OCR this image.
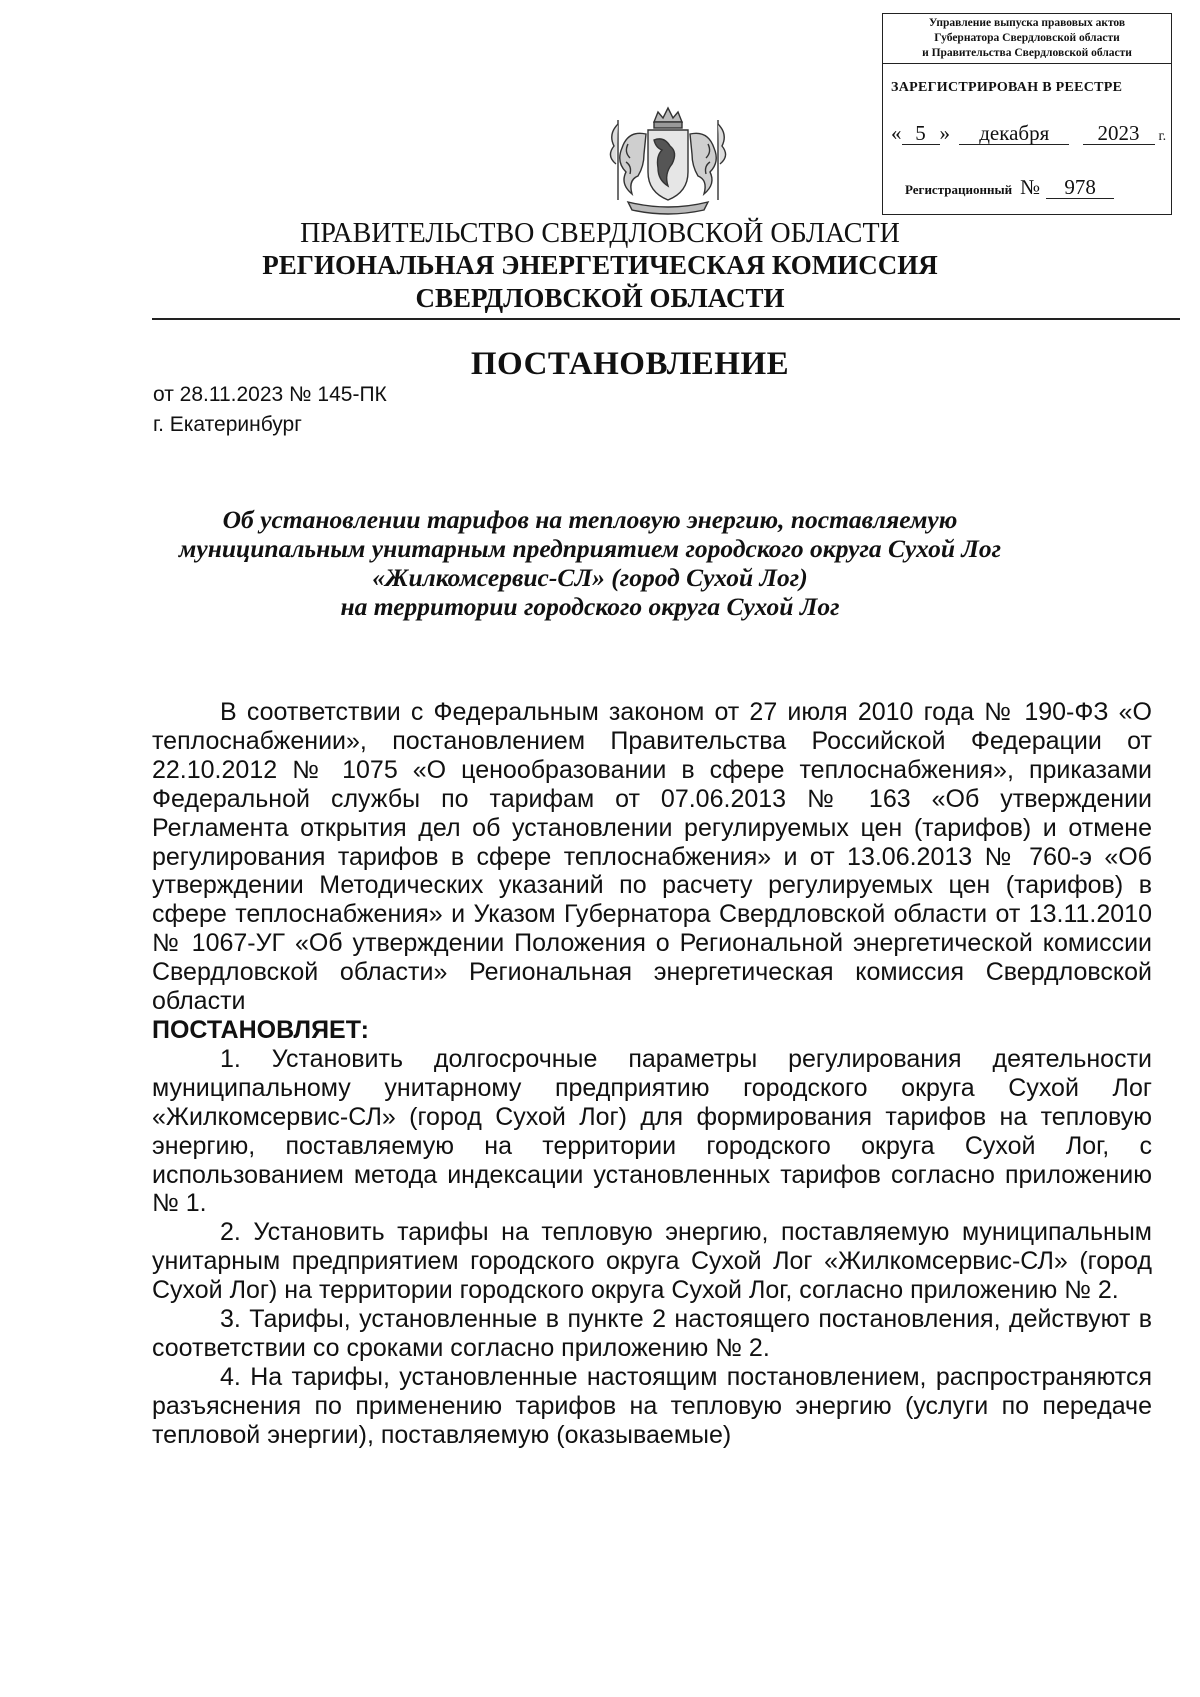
Управление выпуска правовых актов
Губернатора Свердловской области
и Правительства Свердловской области
ЗАРЕГИСТРИРОВАН В РЕЕСТРЕ
« 5 » декабря 2023 г.
Регистрационный № 978
ПРАВИТЕЛЬСТВО СВЕРДЛОВСКОЙ ОБЛАСТИ
РЕГИОНАЛЬНАЯ ЭНЕРГЕТИЧЕСКАЯ КОМИССИЯ
СВЕРДЛОВСКОЙ ОБЛАСТИ
ПОСТАНОВЛЕНИЕ
от 28.11.2023 № 145-ПК
г. Екатеринбург
Об установлении тарифов на тепловую энергию, поставляемую
муниципальным унитарным предприятием городского округа Сухой Лог
«Жилкомсервис-СЛ» (город Сухой Лог)
на территории городского округа Сухой Лог

В соответствии с Федеральным законом от 27 июля 2010 года № 190-ФЗ «О теплоснабжении», постановлением Правительства Российской Федерации от 22.10.2012 № 1075 «О ценообразовании в сфере теплоснабжения», приказами Федеральной службы по тарифам от 07.06.2013 № 163 «Об утверждении Регламента открытия дел об установлении регулируемых цен (тарифов) и отмене регулирования тарифов в сфере теплоснабжения» и от 13.06.2013 № 760-э «Об утверждении Методических указаний по расчету регулируемых цен (тарифов) в сфере теплоснабжения» и Указом Губернатора Свердловской области от 13.11.2010 № 1067-УГ «Об утверждении Положения о Региональной энергетической комиссии Свердловской области» Региональная энергетическая комиссия Свердловской области

ПОСТАНОВЛЯЕТ:

1. Установить долгосрочные параметры регулирования деятельности муниципальному унитарному предприятию городского округа Сухой Лог «Жилкомсервис-СЛ» (город Сухой Лог) для формирования тарифов на тепловую энергию, поставляемую на территории городского округа Сухой Лог, с использованием метода индексации установленных тарифов согласно приложению № 1.

2. Установить тарифы на тепловую энергию, поставляемую муниципальным унитарным предприятием городского округа Сухой Лог «Жилкомсервис-СЛ» (город Сухой Лог) на территории городского округа Сухой Лог, согласно приложению № 2.

3. Тарифы, установленные в пункте 2 настоящего постановления, действуют в соответствии со сроками согласно приложению № 2.

4. На тарифы, установленные настоящим постановлением, распространяются разъяснения по применению тарифов на тепловую энергию (услуги по передаче тепловой энергии), поставляемую (оказываемые)
